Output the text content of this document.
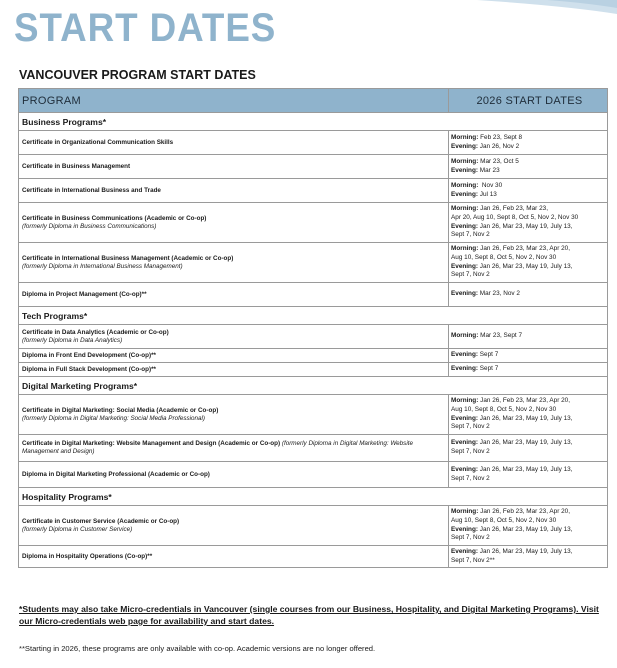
START DATES
VANCOUVER PROGRAM START DATES
PROGRAM	2026 START DATES
Business Programs*	
Certificate in Organizational Communication Skills	Morning: Feb 23, Sept 8
Evening: Jan 26, Nov 2

Certificate in Business Management	Morning: Mar 23, Oct 5
Evening: Mar 23

Certificate in International Business and Trade	Morning:  Nov 30
Evening: Jul 13

Certificate in Business Communications (Academic or Co-op)
(formerly Diploma in Business Communications)	Morning: Jan 26, Feb 23, Mar 23,
Apr 20, Aug 10, Sept 8, Oct 5, Nov 2, Nov 30
Evening: Jan 26, Mar 23, May 19, July 13,
Sept 7, Nov 2

Certificate in International Business Management (Academic or Co-op)
(formerly Diploma in International Business Management)	Morning: Jan 26, Feb 23, Mar 23, Apr 20,
Aug 10, Sept 8, Oct 5, Nov 2, Nov 30
Evening: Jan 26, Mar 23, May 19, July 13,
Sept 7, Nov 2

Diploma in Project Management (Co-op)**	Evening: Mar 23, Nov 2

Tech Programs*	
Certificate in Data Analytics (Academic or Co-op)
(formerly Diploma in Data Analytics)	Morning: Mar 23, Sept 7

Diploma in Front End Development (Co-op)**	Evening: Sept 7

Diploma in Full Stack Development (Co-op)**	Evening: Sept 7

Digital Marketing Programs*	
Certificate in Digital Marketing: Social Media (Academic or Co-op)
(formerly Diploma in Digital Marketing: Social Media Professional)	Morning: Jan 26, Feb 23, Mar 23, Apr 20,
Aug 10, Sept 8, Oct 5, Nov 2, Nov 30
Evening: Jan 26, Mar 23, May 19, July 13,
Sept 7, Nov 2

Certificate in Digital Marketing: Website Management and Design (Academic or Co-op) (formerly Diploma in Digital Marketing: Website Management and Design)	Evening: Jan 26, Mar 23, May 19, July 13,
Sept 7, Nov 2

Diploma in Digital Marketing Professional (Academic or Co-op)	Evening: Jan 26, Mar 23, May 19, July 13,
Sept 7, Nov 2

Hospitality Programs*	
Certificate in Customer Service (Academic or Co-op)
(formerly Diploma in Customer Service)	Morning: Jan 26, Feb 23, Mar 23, Apr 20,
Aug 10, Sept 8, Oct 5, Nov 2, Nov 30
Evening: Jan 26, Mar 23, May 19, July 13,
Sept 7, Nov 2

Diploma in Hospitality Operations (Co-op)**	Evening: Jan 26, Mar 23, May 19, July 13,
Sept 7, Nov 2**
*Students may also take Micro-credentials in Vancouver (single courses from our Business, Hospitality, and Digital Marketing Programs). Visit our Micro-credentials web page for availability and start dates.
**Starting in 2026, these programs are only available with co-op. Academic versions are no longer offered.
